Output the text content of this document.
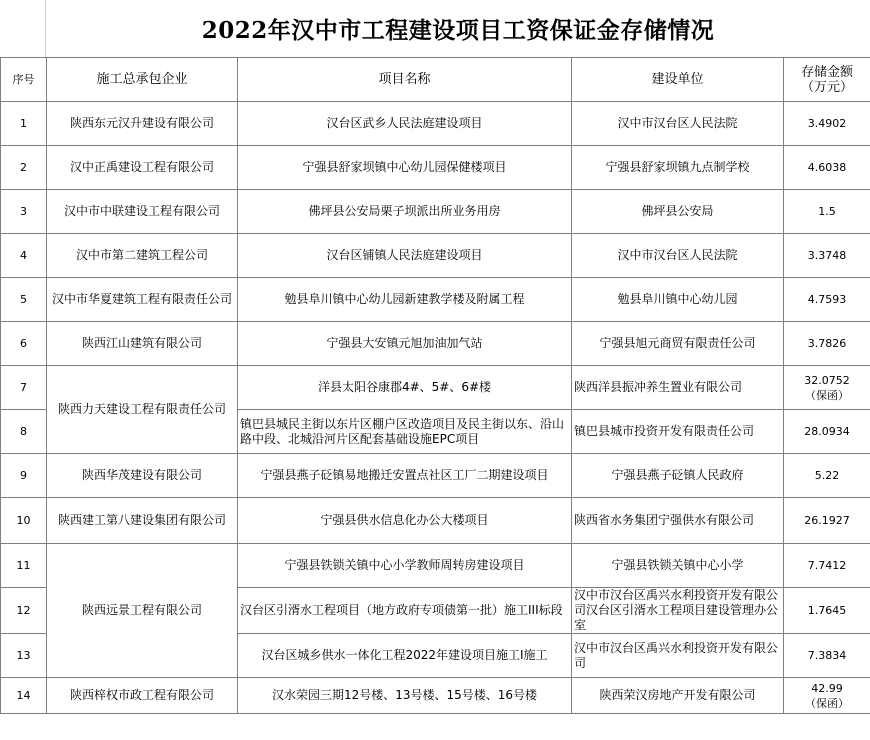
2022年汉中市工程建设项目工资保证金存储情况
序号	施工总承包企业	项目名称	建设单位	存储金额
（万元）
1	陕西东元汉升建设有限公司	汉台区武乡人民法庭建设项目	汉中市汉台区人民法院	3.4902
2	汉中正禹建设工程有限公司	宁强县舒家坝镇中心幼儿园保健楼项目	宁强县舒家坝镇九点制学校	4.6038
3	汉中市中联建设工程有限公司	佛坪县公安局栗子坝派出所业务用房	佛坪县公安局	1.5
4	汉中市第二建筑工程公司	汉台区铺镇人民法庭建设项目	汉中市汉台区人民法院	3.3748
5	汉中市华夏建筑工程有限责任公司	勉县阜川镇中心幼儿园新建教学楼及附属工程	勉县阜川镇中心幼儿园	4.7593
6	陕西江山建筑有限公司	宁强县大安镇元旭加油加气站	宁强县旭元商贸有限责任公司	3.7826
7	陕西力天建设工程有限责任公司	洋县太阳谷康郡4#、5#、6#楼	陕西洋县振冲养生置业有限公司	32.0752
（保函）
8		镇巴县城民主街以东片区棚户区改造项目及民主街以东、沿山路中段、北城沿河片区配套基础设施EPC项目	镇巴县城市投资开发有限责任公司	28.0934
9	陕西华茂建设有限公司	宁强县燕子砭镇易地搬迁安置点社区工厂二期建设项目	宁强县燕子砭镇人民政府	5.22
10	陕西建工第八建设集团有限公司	宁强县供水信息化办公大楼项目	陕西省水务集团宁强供水有限公司	26.1927
11	陕西远景工程有限公司	宁强县铁锁关镇中心小学教师周转房建设项目	宁强县铁锁关镇中心小学	7.7412
12		汉台区引湑水工程项目（地方政府专项债第一批）施工III标段	汉中市汉台区禹兴水利投资开发有限公司汉台区引湑水工程项目建设管理办公室	1.7645
13		汉台区城乡供水一体化工程2022年建设项目施工I施工	汉中市汉台区禹兴水利投资开发有限公司	7.3834
14	陕西梓权市政工程有限公司	汉水荣园三期12号楼、13号楼、15号楼、16号楼	陕西荣汉房地产开发有限公司	42.99
（保函）
